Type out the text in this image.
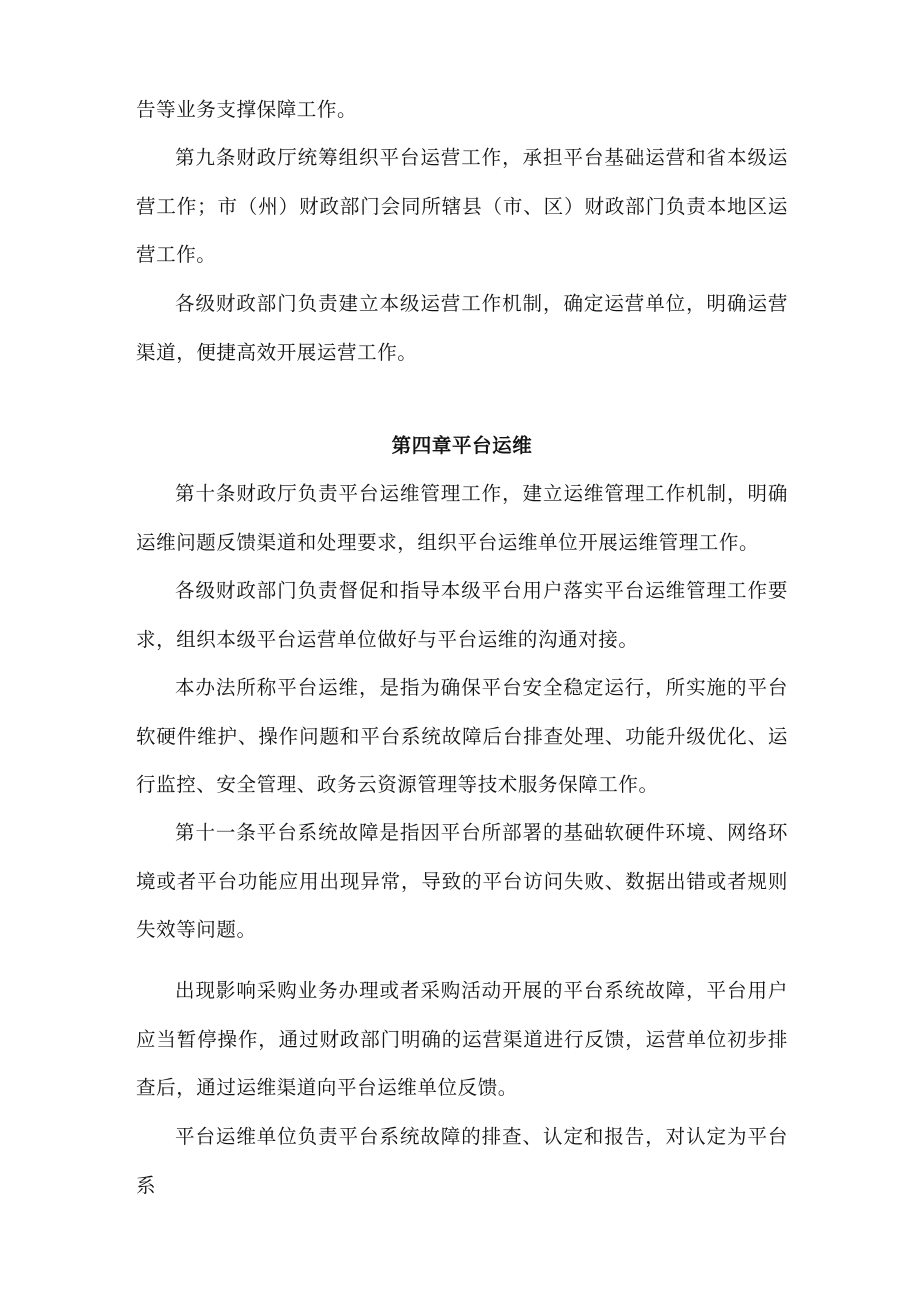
告等业务支撑保障工作。

第九条财政厅统筹组织平台运营工作，承担平台基础运营和省本级运营工作；市（州）财政部门会同所辖县（市、区）财政部门负责本地区运营工作。

各级财政部门负责建立本级运营工作机制，确定运营单位，明确运营渠道，便捷高效开展运营工作。

第四章平台运维

第十条财政厅负责平台运维管理工作，建立运维管理工作机制，明确运维问题反馈渠道和处理要求，组织平台运维单位开展运维管理工作。

各级财政部门负责督促和指导本级平台用户落实平台运维管理工作要求，组织本级平台运营单位做好与平台运维的沟通对接。

本办法所称平台运维，是指为确保平台安全稳定运行，所实施的平台软硬件维护、操作问题和平台系统故障后台排查处理、功能升级优化、运行监控、安全管理、政务云资源管理等技术服务保障工作。

第十一条平台系统故障是指因平台所部署的基础软硬件环境、网络环境或者平台功能应用出现异常，导致的平台访问失败、数据出错或者规则失效等问题。

出现影响采购业务办理或者采购活动开展的平台系统故障，平台用户应当暂停操作，通过财政部门明确的运营渠道进行反馈，运营单位初步排查后，通过运维渠道向平台运维单位反馈。

平台运维单位负责平台系统故障的排查、认定和报告，对认定为平台系
